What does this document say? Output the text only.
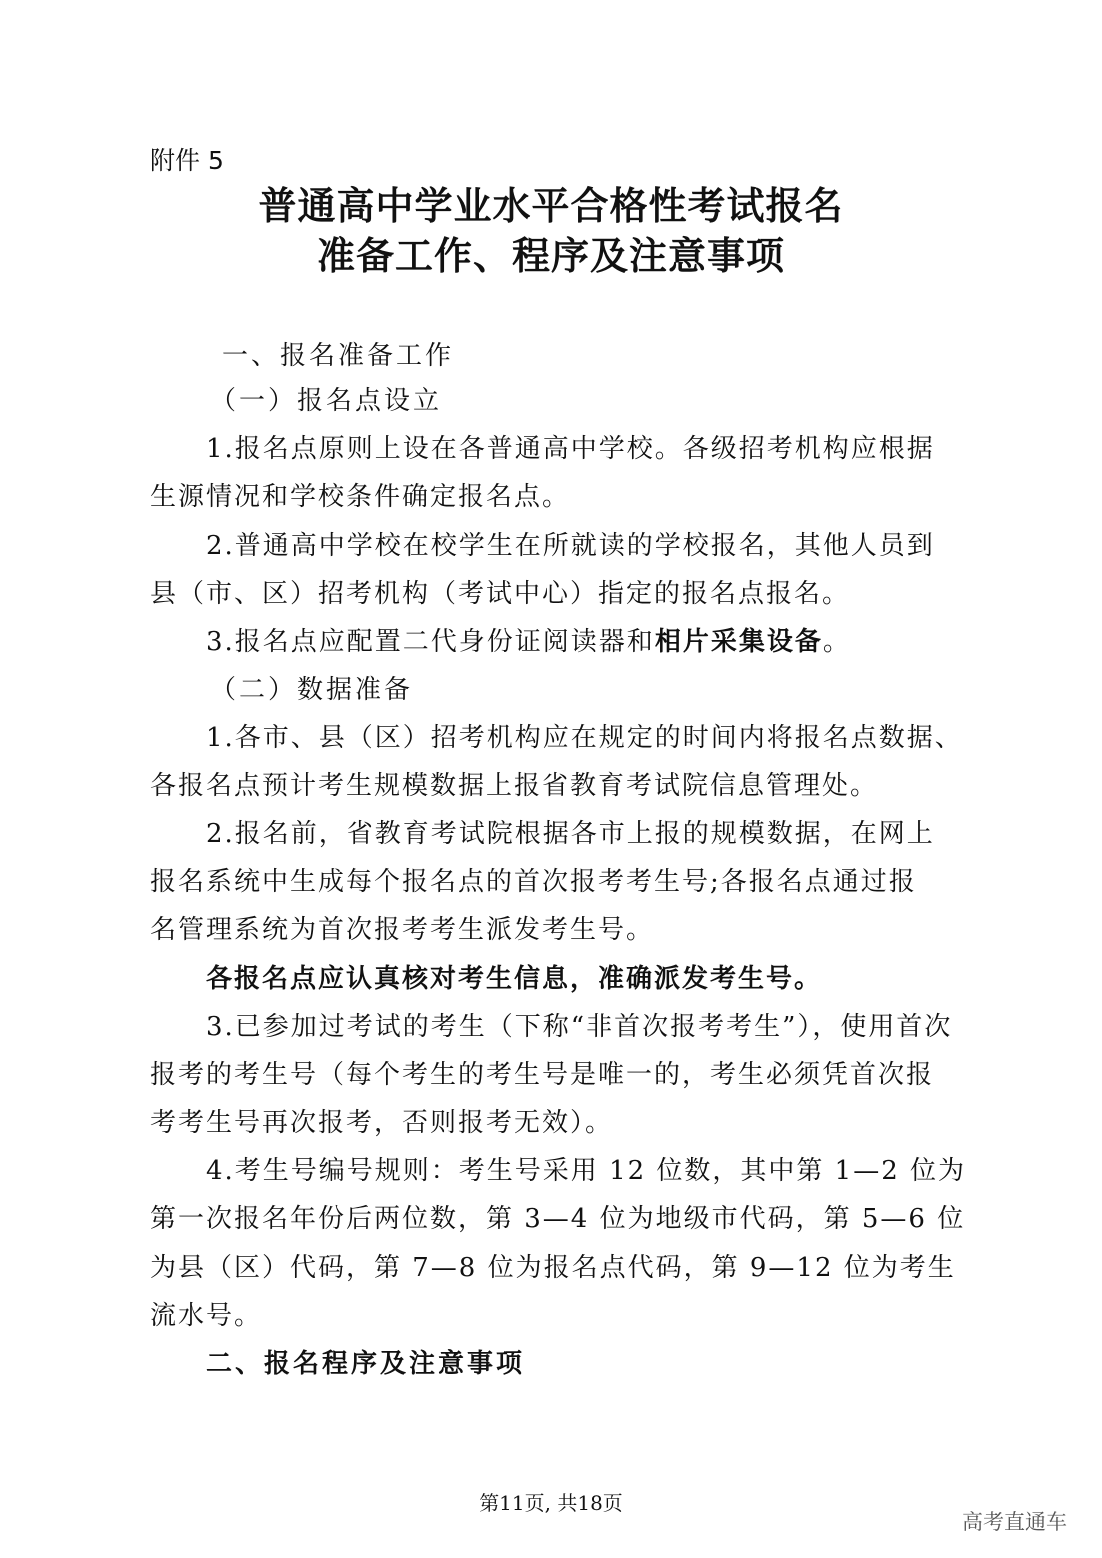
附件 5
普通高中学业水平合格性考试报名
准备工作、程序及注意事项
一、报名准备工作
（一）报名点设立
1.报名点原则上设在各普通高中学校。各级招考机构应根据
生源情况和学校条件确定报名点。
2.普通高中学校在校学生在所就读的学校报名，其他人员到
县（市、区）招考机构（考试中心）指定的报名点报名。
3.报名点应配置二代身份证阅读器和相片采集设备。
（二）数据准备
1.各市、县（区）招考机构应在规定的时间内将报名点数据、
各报名点预计考生规模数据上报省教育考试院信息管理处。
2.报名前，省教育考试院根据各市上报的规模数据，在网上
报名系统中生成每个报名点的首次报考考生号;各报名点通过报
名管理系统为首次报考考生派发考生号。
各报名点应认真核对考生信息，准确派发考生号。
3.已参加过考试的考生（下称“非首次报考考生”），使用首次
报考的考生号（每个考生的考生号是唯一的，考生必须凭首次报
考考生号再次报考，否则报考无效）。
4.考生号编号规则：考生号采用 12 位数，其中第 1—2 位为
第一次报名年份后两位数，第 3—4 位为地级市代码，第 5—6 位
为县（区）代码，第 7—8 位为报名点代码，第 9—12 位为考生
流水号。
二、报名程序及注意事项
第11页, 共18页
高考直通车
